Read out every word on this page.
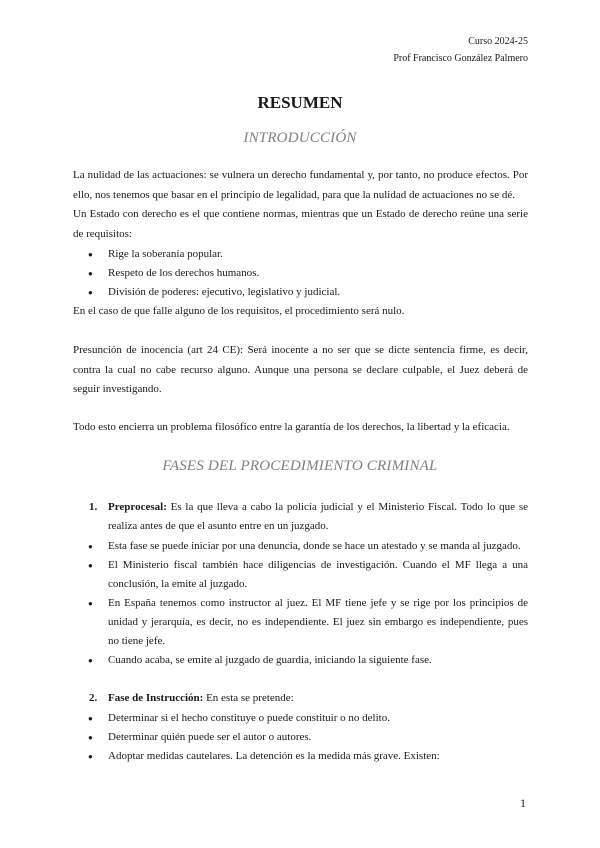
Curso 2024-25
Prof Francisco González Palmero
RESUMEN
INTRODUCCIÓN

La nulidad de las actuaciones: se vulnera un derecho fundamental y, por tanto, no produce efectos. Por ello, nos tenemos que basar en el principio de legalidad, para que la nulidad de actuaciones no se dé.

Un Estado con derecho es el que contiene normas, mientras que un Estado de derecho reúne una serie de requisitos:

● Rige la soberanía popular.
● Respeto de los derechos humanos.
● División de poderes: ejecutivo, legislativo y judicial.

En el caso de que falle alguno de los requisitos, el procedimiento será nulo.

Presunción de inocencia (art 24 CE): Será inocente a no ser que se dicte sentencia firme, es decir, contra la cual no cabe recurso alguno. Aunque una persona se declare culpable, el Juez deberá de seguir investigando.

Todo esto encierra un problema filosófico entre la garantía de los derechos, la libertad y la eficacia.

FASES DEL PROCEDIMIENTO CRIMINAL
1. Preprocesal: Es la que lleva a cabo la policía judicial y el Ministerio Fiscal. Todo lo que se realiza antes de que el asunto entre en un juzgado.
● Esta fase se puede iniciar por una denuncia, donde se hace un atestado y se manda al juzgado.
● El Ministerio fiscal también hace diligencias de investigación. Cuando el MF llega a una conclusión, la emite al juzgado.
● En España tenemos como instructor al juez. El MF tiene jefe y se rige por los principios de unidad y jerarquía, es decir, no es independiente. El juez sin embargo es independiente, pues no tiene jefe.
● Cuando acaba, se emite al juzgado de guardia, iniciando la siguiente fase.
2. Fase de Instrucción: En esta se pretende:
● Determinar si el hecho constituye o puede constituir o no delito.
● Determinar quién puede ser el autor o autores.
● Adoptar medidas cautelares. La detención es la medida más grave. Existen:
1
